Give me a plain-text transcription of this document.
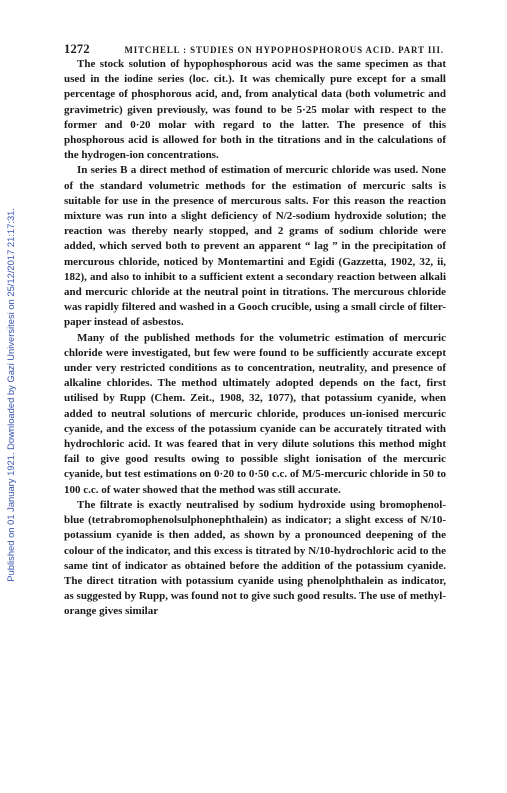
Published on 01 January 1921. Downloaded by Gazi Universitesi on 25/12/2017 21:17:31.
1272	MITCHELL : STUDIES ON HYPOPHOSPHOROUS ACID. PART III.

The stock solution of hypophosphorous acid was the same specimen as that used in the iodine series (loc. cit.). It was chemically pure except for a small percentage of phosphorous acid, and, from analytical data (both volumetric and gravimetric) given previously, was found to be 5·25 molar with respect to the former and 0·20 molar with regard to the latter. The presence of this phosphorous acid is allowed for both in the titrations and in the calculations of the hydrogen-ion concentrations.

In series B a direct method of estimation of mercuric chloride was used. None of the standard volumetric methods for the estimation of mercuric salts is suitable for use in the presence of mercurous salts. For this reason the reaction mixture was run into a slight deficiency of N/2-sodium hydroxide solution; the reaction was thereby nearly stopped, and 2 grams of sodium chloride were added, which served both to prevent an apparent “ lag ” in the precipitation of mercurous chloride, noticed by Montemartini and Egidi (Gazzetta, 1902, 32, ii, 182), and also to inhibit to a sufficient extent a secondary reaction between alkali and mercuric chloride at the neutral point in titrations. The mercurous chloride was rapidly filtered and washed in a Gooch crucible, using a small circle of filter-paper instead of asbestos.

Many of the published methods for the volumetric estimation of mercuric chloride were investigated, but few were found to be sufficiently accurate except under very restricted conditions as to concentration, neutrality, and presence of alkaline chlorides. The method ultimately adopted depends on the fact, first utilised by Rupp (Chem. Zeit., 1908, 32, 1077), that potassium cyanide, when added to neutral solutions of mercuric chloride, produces un-ionised mercuric cyanide, and the excess of the potassium cyanide can be accurately titrated with hydrochloric acid. It was feared that in very dilute solutions this method might fail to give good results owing to possible slight ionisation of the mercuric cyanide, but test estimations on 0·20 to 0·50 c.c. of M/5-mercuric chloride in 50 to 100 c.c. of water showed that the method was still accurate.

The filtrate is exactly neutralised by sodium hydroxide using bromophenol-blue (tetrabromophenolsulphonephthalein) as indicator; a slight excess of N/10-potassium cyanide is then added, as shown by a pronounced deepening of the colour of the indicator, and this excess is titrated by N/10-hydrochloric acid to the same tint of indicator as obtained before the addition of the potassium cyanide. The direct titration with potassium cyanide using phenolphthalein as indicator, as suggested by Rupp, was found not to give such good results. The use of methyl-orange gives similar
